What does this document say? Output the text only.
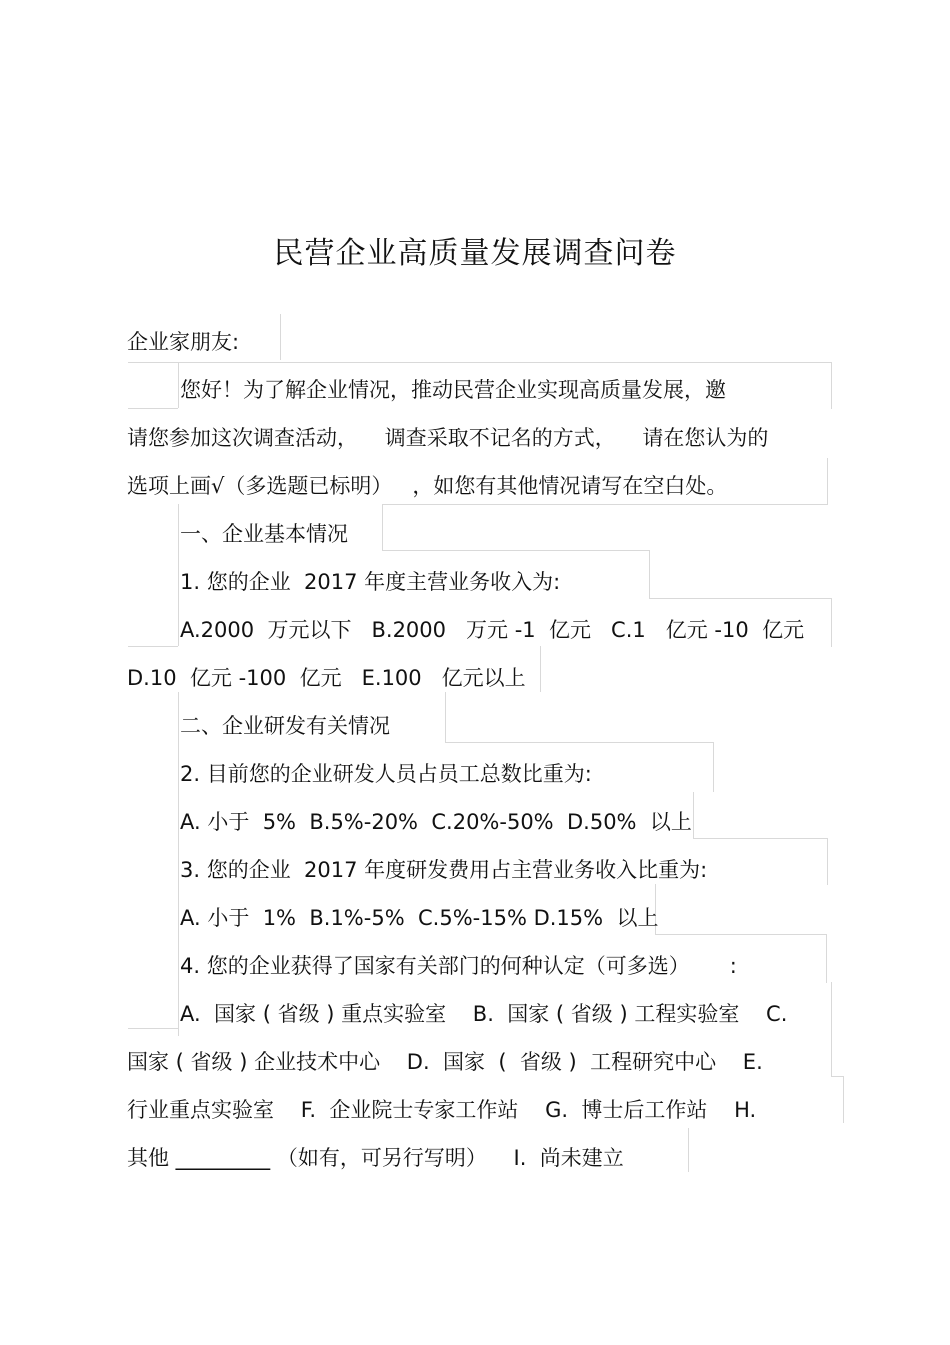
民营企业高质量发展调查问卷
企业家朋友:
您好！为了解企业情况，推动民营企业实现高质量发展，邀
请您参加这次调查活动，    调查采取不记名的方式，    请在您认为的
选项上画√（多选题已标明）   ，如您有其他情况请写在空白处。
一、企业基本情况
1. 您的企业  2017 年度主营业务收入为:
A.2000  万元以下   B.2000   万元 -1  亿元   C.1   亿元 -10  亿元
D.10  亿元 -100  亿元   E.100   亿元以上
二、企业研发有关情况
2. 目前您的企业研发人员占员工总数比重为:
A. 小于  5%  B.5%-20%  C.20%-50%  D.50%  以上
3. 您的企业  2017 年度研发费用占主营业务收入比重为:
A. 小于  1%  B.1%-5%  C.5%-15% D.15%  以上
4. 您的企业获得了国家有关部门的何种认定（可多选）      :
A.  国家 ( 省级 ) 重点实验室    B.  国家 ( 省级 ) 工程实验室    C.
国家 ( 省级 ) 企业技术中心    D.  国家  (  省级 )  工程研究中心    E.
行业重点实验室    F.  企业院士专家工作站    G.  博士后工作站    H.
其他 _________ （如有，可另行写明）    I.  尚未建立
